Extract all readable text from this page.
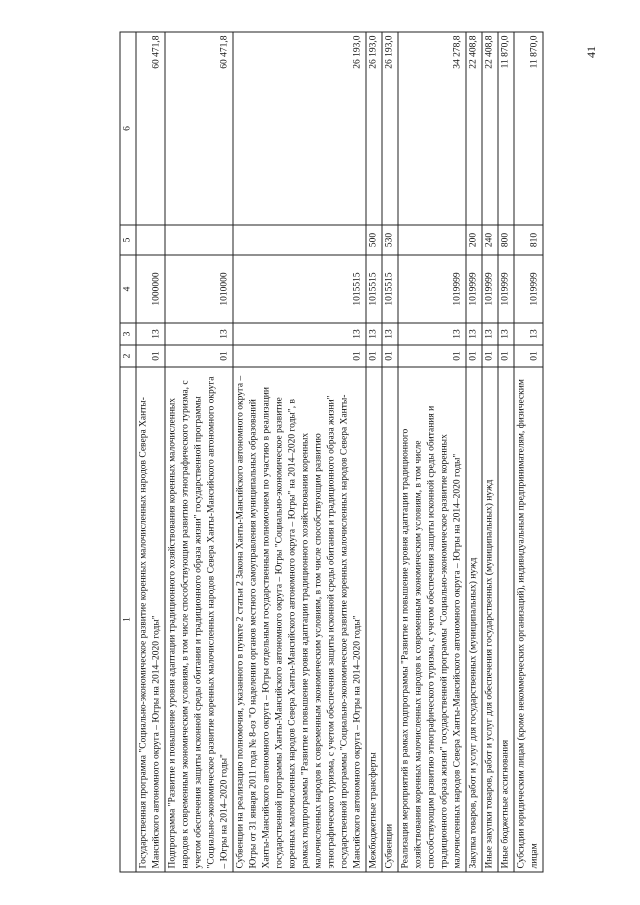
41
1	2	3	4	5	6
Государственная программа "Социально-экономическое развитие коренных малочисленных народов Севера Ханты-Мансийского автономного округа – Югры на 2014–2020 годы"	01	13	1000000		60 471,8
Подпрограмма "Развитие и повышение уровня адаптации традиционного хозяйствования коренных малочисленных народов к современным экономическим условиям, в том числе способствующим развитию этнографического туризма, с учетом обеспечения защиты исконной среды обитания и традиционного образа жизни" государственной программы "Социально-экономическое развитие коренных малочисленных народов Севера Ханты-Мансийского автономного округа – Югры на 2014–2020 годы"	01	13	1010000		60 471,8
Субвенции на реализацию полномочия, указанного в пункте 2 статьи 2 Закона Ханты-Мансийского автономного округа – Югры от 31 января 2011 года № 8-оз "О наделении органов местного самоуправления муниципальных образований Ханты-Мансийского автономного округа – Югры отдельным государственным полномочием по участию в реализации государственной программы Ханты-Мансийского автономного округа – Югры "Социально-экономическое развитие коренных малочисленных народов Севера Ханты-Мансийского автономного округа – Югры" на 2014–2020 годы", в рамках подпрограммы "Развитие и повышение уровня адаптации традиционного хозяйствования коренных малочисленных народов к современным экономическим условиям, в том числе способствующим развитию этнографического туризма, с учетом обеспечения защиты исконной среды обитания и традиционного образа жизни" государственной программы "Социально-экономическое развитие коренных малочисленных народов Севера Ханты-Мансийского автономного округа – Югры на 2014–2020 годы"	01	13	1015515		26 193,0
Межбюджетные трансферты	01	13	1015515	500	26 193,0
Субвенции	01	13	1015515	530	26 193,0
Реализация мероприятий в рамках подпрограммы "Развитие и повышение уровня адаптации традиционного хозяйствования коренных малочисленных народов к современным экономическим условиям, в том числе способствующим развитию этнографического туризма, с учетом обеспечения защиты исконной среды обитания и традиционного образа жизни" государственной программы "Социально-экономическое развитие коренных малочисленных народов Севера Ханты-Мансийского автономного округа – Югры на 2014–2020 годы"	01	13	1019999		34 278,8
Закупка товаров, работ и услуг для государственных (муниципальных) нужд	01	13	1019999	200	22 408,8
Иные закупки товаров, работ и услуг для обеспечения государственных (муниципальных) нужд	01	13	1019999	240	22 408,8
Иные бюджетные ассигнования	01	13	1019999	800	11 870,0
Субсидии юридическим лицам (кроме некоммерческих организаций), индивидуальным предпринимателям, физическим лицам	01	13	1019999	810	11 870,0
